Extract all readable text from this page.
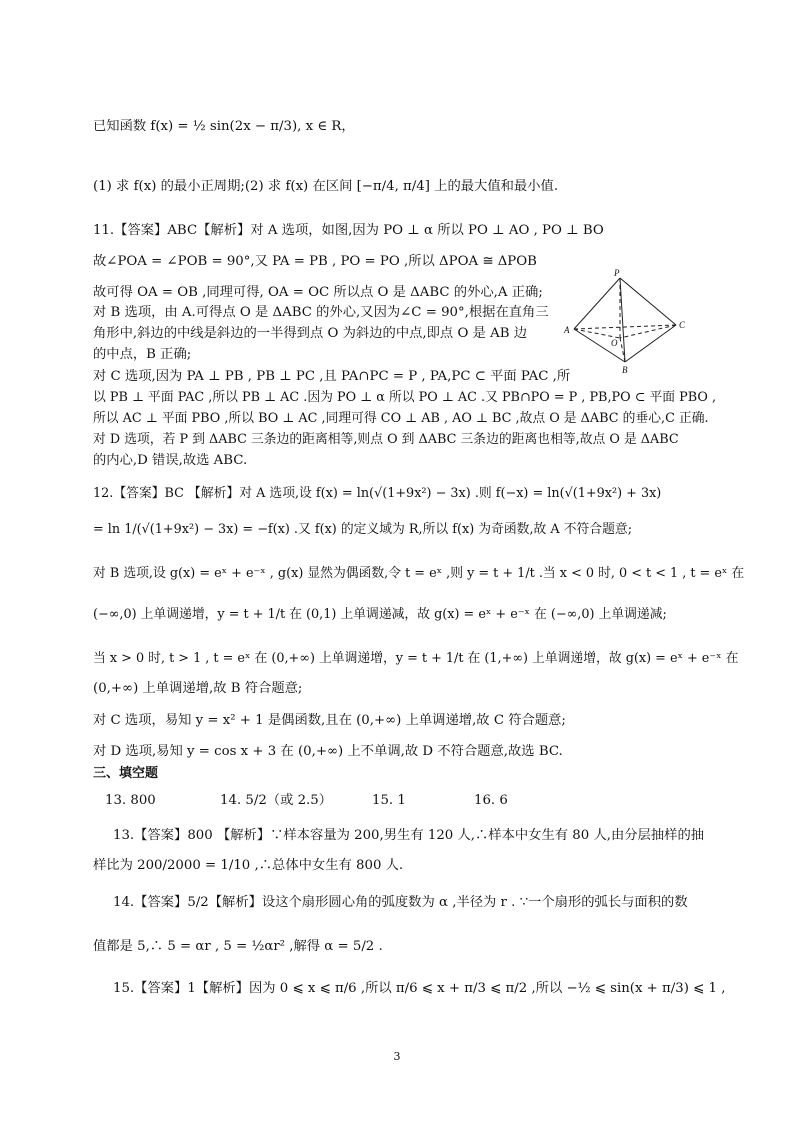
已知函数 f(x) = ½ sin(2x − π/3), x ∈ R，
(1) 求 f(x) 的最小正周期;(2) 求 f(x) 在区间 [−π/4, π/4] 上的最大值和最小值.
11.【答案】ABC【解析】对 A 选项，如图,因为 PO ⊥ α 所以 PO ⊥ AO , PO ⊥ BO
故∠POA = ∠POB = 90°,又 PA = PB , PO = PO ,所以 ΔPOA ≅ ΔPOB
故可得 OA = OB ,同理可得, OA = OC 所以点 O 是 ΔABC 的外心,A 正确;
对 B 选项，由 A.可得点 O 是 ΔABC 的外心,又因为∠C = 90°,根据在直角三
角形中,斜边的中线是斜边的一半得到点 O 为斜边的中点,即点 O 是 AB 边
的中点，B 正确;
对 C 选项,因为 PA ⊥ PB , PB ⊥ PC ,且 PA∩PC = P , PA,PC ⊂ 平面 PAC ,所
以 PB ⊥ 平面 PAC ,所以 PB ⊥ AC .因为 PO ⊥ α 所以 PO ⊥ AC .又 PB∩PO = P , PB,PO ⊂ 平面 PBO ,
所以 AC ⊥ 平面 PBO ,所以 BO ⊥ AC ,同理可得 CO ⊥ AB , AO ⊥ BC ,故点 O 是 ΔABC 的垂心,C 正确.
对 D 选项，若 P 到 ΔABC 三条边的距离相等,则点 O 到 ΔABC 三条边的距离也相等,故点 O 是 ΔABC
的内心,D 错误,故选 ABC.
P
A
B
C
O
12.【答案】BC 【解析】对 A 选项,设 f(x) = ln(√(1+9x²) − 3x) .则 f(−x) = ln(√(1+9x²) + 3x)
= ln 1/(√(1+9x²) − 3x) = −f(x) .又 f(x) 的定义域为 R,所以 f(x) 为奇函数,故 A 不符合题意;
对 B 选项,设 g(x) = eˣ + e⁻ˣ , g(x) 显然为偶函数,令 t = eˣ ,则 y = t + 1/t .当 x < 0 时, 0 < t < 1 , t = eˣ 在
(−∞,0) 上单调递增，y = t + 1/t 在 (0,1) 上单调递减，故 g(x) = eˣ + e⁻ˣ 在 (−∞,0) 上单调递减;
当 x > 0 时, t > 1 , t = eˣ 在 (0,+∞) 上单调递增，y = t + 1/t 在 (1,+∞) 上单调递增，故 g(x) = eˣ + e⁻ˣ 在
(0,+∞) 上单调递增,故 B 符合题意;
对 C 选项，易知 y = x² + 1 是偶函数,且在 (0,+∞) 上单调递增,故 C 符合题意;
对 D 选项,易知 y = cos x + 3 在 (0,+∞) 上不单调,故 D 不符合题意,故选 BC.
三、填空题
13. 800	14. 5/2（或 2.5）	15. 1	16. 6
13.【答案】800 【解析】∵样本容量为 200,男生有 120 人,∴样本中女生有 80 人,由分层抽样的抽
样比为 200/2000 = 1/10 ,∴总体中女生有 800 人.
14.【答案】5/2【解析】设这个扇形圆心角的弧度数为 α ,半径为 r . ∵一个扇形的弧长与面积的数
值都是 5,∴ 5 = αr , 5 = ½αr² ,解得 α = 5/2 .
15.【答案】1【解析】因为 0 ⩽ x ⩽ π/6 ,所以 π/6 ⩽ x + π/3 ⩽ π/2 ,所以 −½ ⩽ sin(x + π/3) ⩽ 1 ,
3
